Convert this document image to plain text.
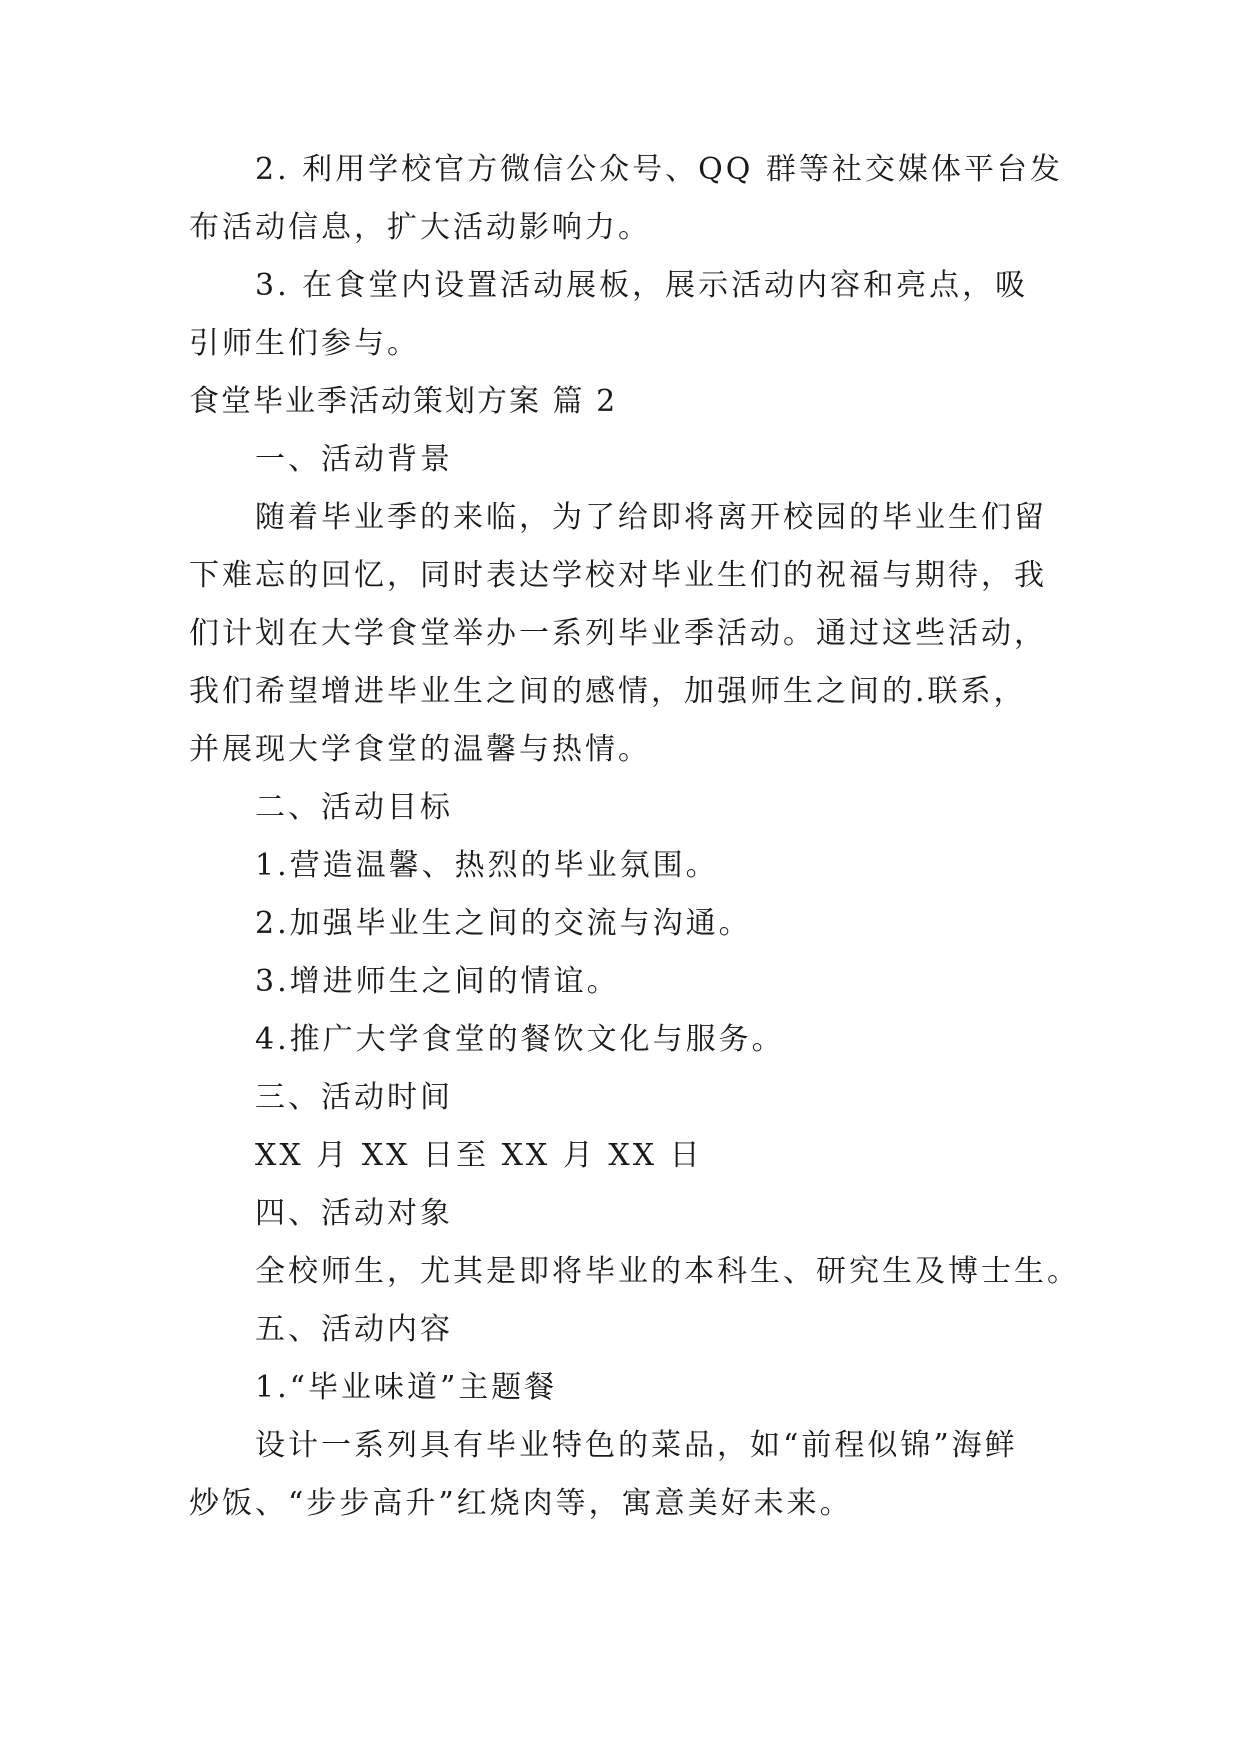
2. 利用学校官方微信公众号、QQ 群等社交媒体平台发
布活动信息，扩大活动影响力。
3. 在食堂内设置活动展板，展示活动内容和亮点，吸
引师生们参与。
食堂毕业季活动策划方案 篇 2
一、活动背景
随着毕业季的来临，为了给即将离开校园的毕业生们留
下难忘的回忆，同时表达学校对毕业生们的祝福与期待，我
们计划在大学食堂举办一系列毕业季活动。通过这些活动，
我们希望增进毕业生之间的感情，加强师生之间的.联系，
并展现大学食堂的温馨与热情。
二、活动目标
1.营造温馨、热烈的毕业氛围。
2.加强毕业生之间的交流与沟通。
3.增进师生之间的情谊。
4.推广大学食堂的餐饮文化与服务。
三、活动时间
XX 月 XX 日至 XX 月 XX 日
四、活动对象
全校师生，尤其是即将毕业的本科生、研究生及博士生。
五、活动内容
1.“毕业味道”主题餐
设计一系列具有毕业特色的菜品，如“前程似锦”海鲜
炒饭、“步步高升”红烧肉等，寓意美好未来。
